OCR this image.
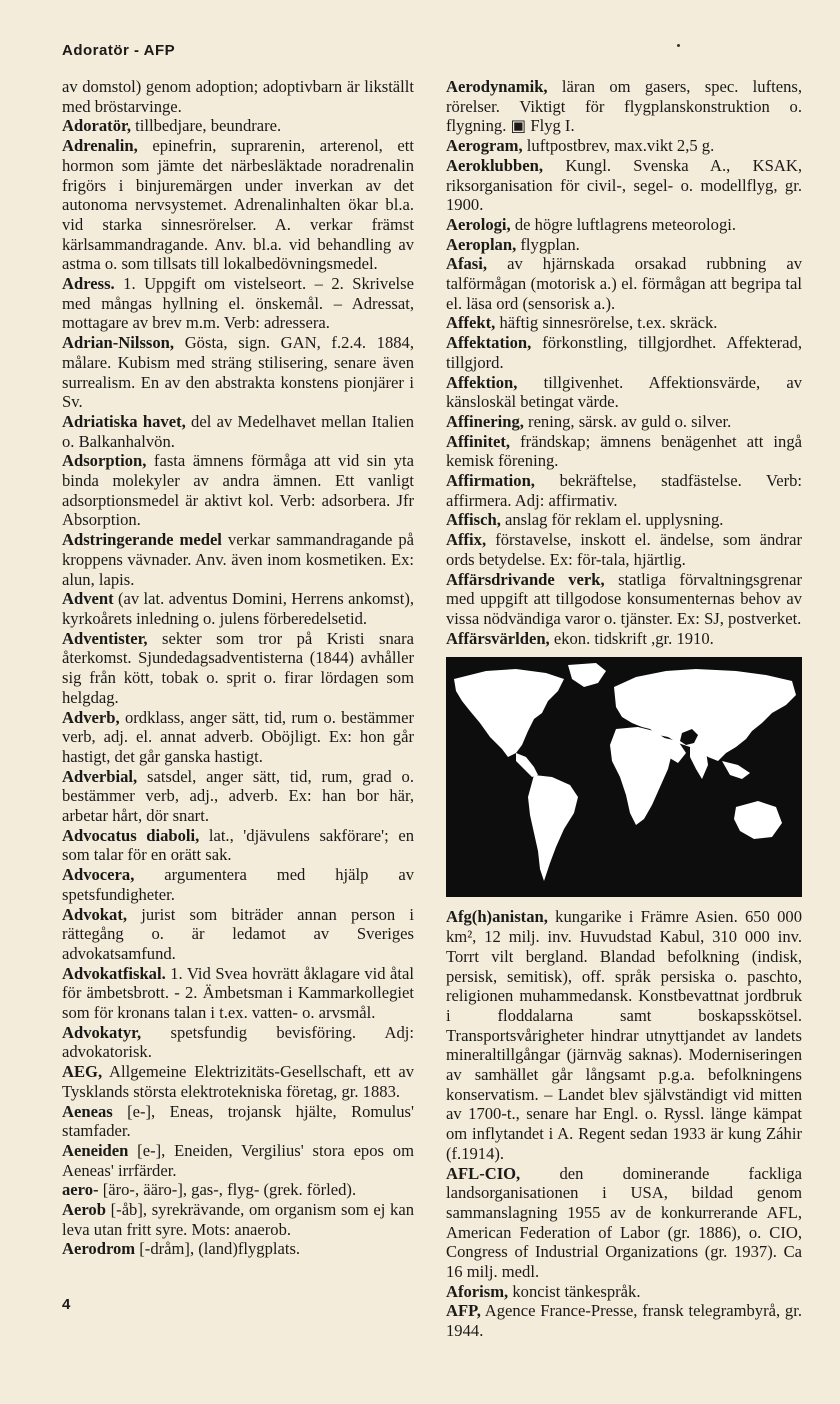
Adoratör - AFP

av domstol) genom adoption; adoptivbarn är likställt med bröstarvinge.

Adoratör, tillbedjare, beundrare.

Adrenalin, epinefrin, suprarenin, arterenol, ett hormon som jämte det närbesläktade noradrenalin frigörs i binjuremärgen under inverkan av det autonoma nervsystemet. Adrenalinhalten ökar bl.a. vid starka sinnesrörelser. A. verkar främst kärlsammandragande. Anv. bl.a. vid behandling av astma o. som tillsats till lokalbedövningsmedel.

Adress. 1. Uppgift om vistelseort. – 2. Skrivelse med mångas hyllning el. önskemål. – Adressat, mottagare av brev m.m. Verb: adressera.

Adrian-Nilsson, Gösta, sign. GAN, f.2.4. 1884, målare. Kubism med sträng stilisering, senare även surrealism. En av den abstrakta konstens pionjärer i Sv.

Adriatiska havet, del av Medelhavet mellan Italien o. Balkanhalvön.

Adsorption, fasta ämnens förmåga att vid sin yta binda molekyler av andra ämnen. Ett vanligt adsorptionsmedel är aktivt kol. Verb: adsorbera. Jfr Absorption.

Adstringerande medel verkar sammandragande på kroppens vävnader. Anv. även inom kosmetiken. Ex: alun, lapis.

Advent (av lat. adventus Domini, Herrens ankomst), kyrkoårets inledning o. julens förberedelsetid.

Adventister, sekter som tror på Kristi snara återkomst. Sjundedagsadventisterna (1844) avhåller sig från kött, tobak o. sprit o. firar lördagen som helgdag.

Adverb, ordklass, anger sätt, tid, rum o. bestämmer verb, adj. el. annat adverb. Oböjligt. Ex: hon går hastigt, det går ganska hastigt.

Adverbial, satsdel, anger sätt, tid, rum, grad o. bestämmer verb, adj., adverb. Ex: han bor här, arbetar hårt, dör snart.

Advocatus diaboli, lat., 'djävulens sakförare'; en som talar för en orätt sak.

Advocera, argumentera med hjälp av spetsfundigheter.

Advokat, jurist som biträder annan person i rättegång o. är ledamot av Sveriges advokatsamfund.

Advokatfiskal. 1. Vid Svea hovrätt åklagare vid åtal för ämbetsbrott. - 2. Ämbetsman i Kammarkollegiet som för kronans talan i t.ex. vatten- o. arvsmål.

Advokatyr, spetsfundig bevisföring. Adj: advokatorisk.

AEG, Allgemeine Elektrizitäts-Gesellschaft, ett av Tysklands största elektrotekniska företag, gr. 1883.

Aeneas [e-], Eneas, trojansk hjälte, Romulus' stamfader.

Aeneiden [e-], Eneiden, Vergilius' stora epos om Aeneas' irrfärder.

aero- [äro-, ääro-], gas-, flyg- (grek. förled).

Aerob [-åb], syrekrävande, om organism som ej kan leva utan fritt syre. Mots: anaerob.

Aerodrom [-dråm], (land)flygplats.

Aerodynamik, läran om gasers, spec. luftens, rörelser. Viktigt för flygplanskonstruktion o. flygning. ▣ Flyg I.

Aerogram, luftpostbrev, max.vikt 2,5 g.

Aeroklubben, Kungl. Svenska A., KSAK, riksorganisation för civil-, segel- o. modellflyg, gr. 1900.

Aerologi, de högre luftlagrens meteorologi.

Aeroplan, flygplan.

Afasi, av hjärnskada orsakad rubbning av talförmågan (motorisk a.) el. förmågan att begripa tal el. läsa ord (sensorisk a.).

Affekt, häftig sinnesrörelse, t.ex. skräck.

Affektation, förkonstling, tillgjordhet. Affekterad, tillgjord.

Affektion, tillgivenhet. Affektionsvärde, av känsloskäl betingat värde.

Affinering, rening, särsk. av guld o. silver.

Affinitet, frändskap; ämnens benägenhet att ingå kemisk förening.

Affirmation, bekräftelse, stadfästelse. Verb: affirmera. Adj: affirmativ.

Affisch, anslag för reklam el. upplysning.

Affix, förstavelse, inskott el. ändelse, som ändrar ords betydelse. Ex: för-tala, hjärtlig.

Affärsdrivande verk, statliga förvaltningsgrenar med uppgift att tillgodose konsumenternas behov av vissa nödvändiga varor o. tjänster. Ex: SJ, postverket.

Affärsvärlden, ekon. tidskrift ,gr. 1910.

Afg(h)anistan, kungarike i Främre Asien. 650 000 km², 12 milj. inv. Huvudstad Kabul, 310 000 inv. Torrt vilt bergland. Blandad befolkning (indisk, persisk, semitisk), off. språk persiska o. paschto, religionen muhammedansk. Konstbevattnat jordbruk i floddalarna samt boskapsskötsel. Transportsvårigheter hindrar utnyttjandet av landets mineraltillgångar (järnväg saknas). Moderniseringen av samhället går långsamt p.g.a. befolkningens konservatism. – Landet blev självständigt vid mitten av 1700-t., senare har Engl. o. Ryssl. länge kämpat om inflytandet i A. Regent sedan 1933 är kung Záhir (f.1914).

AFL-CIO, den dominerande fackliga landsorganisationen i USA, bildad genom sammanslagning 1955 av de konkurrerande AFL, American Federation of Labor (gr. 1886), o. CIO, Congress of Industrial Organizations (gr. 1937). Ca 16 milj. medl.

Aforism, koncist tänkespråk.

AFP, Agence France-Presse, fransk telegrambyrå, gr. 1944.

4
